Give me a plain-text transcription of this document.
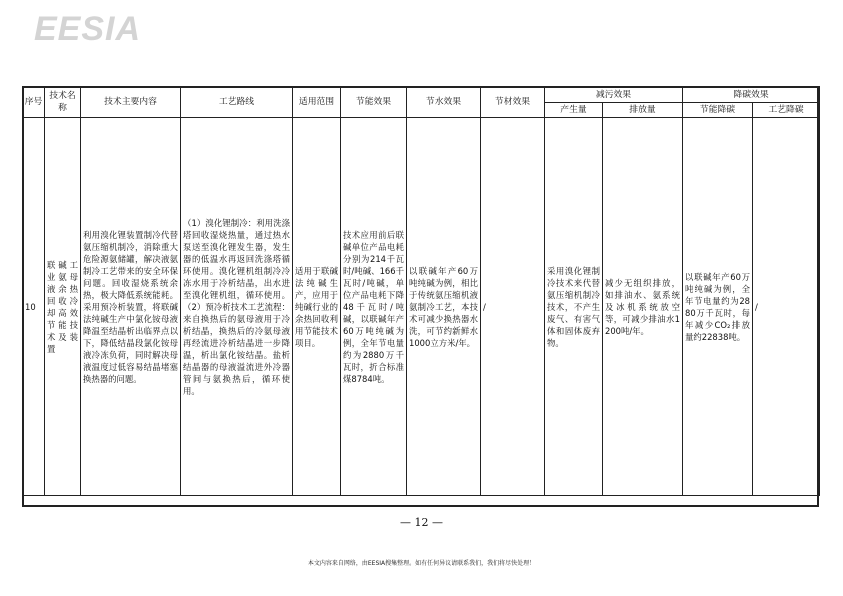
EESIA
序号	技术名称	技术主要内容	工艺路线	适用范围	节能效果	节水效果	节材效果	减污效果		降碳效果	
								产生量	排放量	节能降碳	工艺降碳

10	联碱工业氨母液余热回收冷却高效节能技术及装置	利用溴化锂装置制冷代替氨压缩机制冷，消除重大危险源氨储罐，解决液氨制冷工艺带来的安全环保问题。回收湿烧系统余热，极大降低系统能耗。采用预冷析装置，将联碱法纯碱生产中氯化铵母液降温至结晶析出临界点以下，降低结晶段氯化铵母液冷冻负荷，同时解决母液温度过低容易结晶堵塞换热器的问题。	（1）溴化锂制冷：利用洗涤塔回收湿烧热量，通过热水泵送至溴化锂发生器，发生器的低温水再返回洗涤塔循环使用。溴化锂机组制冷冷冻水用于冷析结晶，出水进至溴化锂机组，循环使用。（2）预冷析技术工艺流程：来自换热后的氨母液用于冷析结晶，换热后的冷氨母液再经流进冷析结晶进一步降温，析出氯化铵结晶。盐析结晶器的母液溢流进外冷器管间与氨换热后，循环使用。	适用于联碱法纯碱生产，应用于纯碱行业的余热回收利用节能技术项目。	技术应用前后联碱单位产品电耗分别为214千瓦时/吨碱、166千瓦时/吨碱，单位产品电耗下降48千瓦时/吨碱，以联碱年产60万吨纯碱为例，全年节电量约为2880万千瓦时，折合标准煤8784吨。	以联碱年产60万吨纯碱为例，相比于传统氨压缩机液氨制冷工艺，本技术可减少换热器水洗，可节约新鲜水1000立方米/年。	/	采用溴化锂制冷技术来代替氨压缩机制冷技术，不产生废气、有害气体和固体废弃物。	减少无组织排放，如排油水、氨系统及冰机系统放空等，可减少排油水1200吨/年。	以联碱年产60万吨纯碱为例，全年节电量约为2880万千瓦时，每年减少CO₂排放量约22838吨。	/
— 12 —
本文内容来自网络，由EESIA搜集整理。如有任何异议请联系我们，我们将尽快处理！
